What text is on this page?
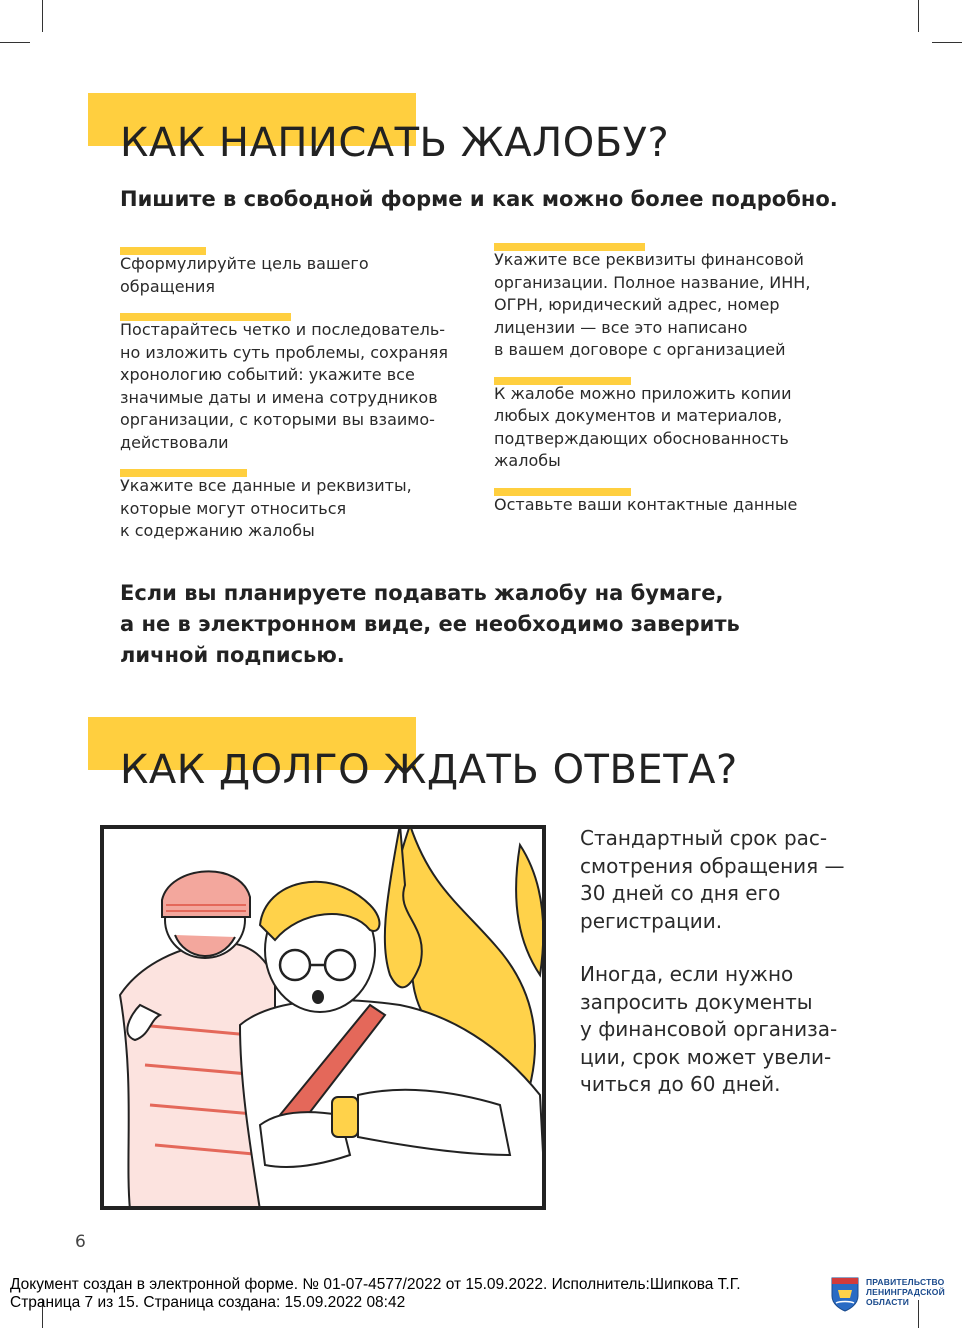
КАК НАПИСАТЬ ЖАЛОБУ?

Пишите в свободной форме и как можно более подробно.

Сформулируйте цель вашего
обращения
Постарайтесь четко и последователь-
но изложить суть проблемы, сохраняя
хронологию событий: укажите все
значимые даты и имена сотрудников
организации, с которыми вы взаимо-
действовали
Укажите все данные и реквизиты,
которые могут относиться
к содержанию жалобы
Укажите все реквизиты финансовой
организации. Полное название, ИНН,
ОГРН, юридический адрес, номер
лицензии — все это написано
в вашем договоре с организацией
К жалобе можно приложить копии
любых документов и материалов,
подтверждающих обоснованность
жалобы
Оставьте ваши контактные данные
Если вы планируете подавать жалобу на бумаге,
а не в электронном виде, ее необходимо заверить
личной подписью.
КАК ДОЛГО ЖДАТЬ ОТВЕТА?

Стандартный срок рас-
смотрения обращения —
30 дней со дня его
регистрации.

Иногда, если нужно
запросить документы
у финансовой организа-
ции, срок может увели-
читься до 60 дней.

6
Документ создан в электронной форме. № 01-07-4577/2022 от 15.09.2022. Исполнитель:Шипкова Т.Г.
Страница 7 из 15. Страница создана: 15.09.2022 08:42
ПРАВИТЕЛЬСТВО
ЛЕНИНГРАДСКОЙ
ОБЛАСТИ
